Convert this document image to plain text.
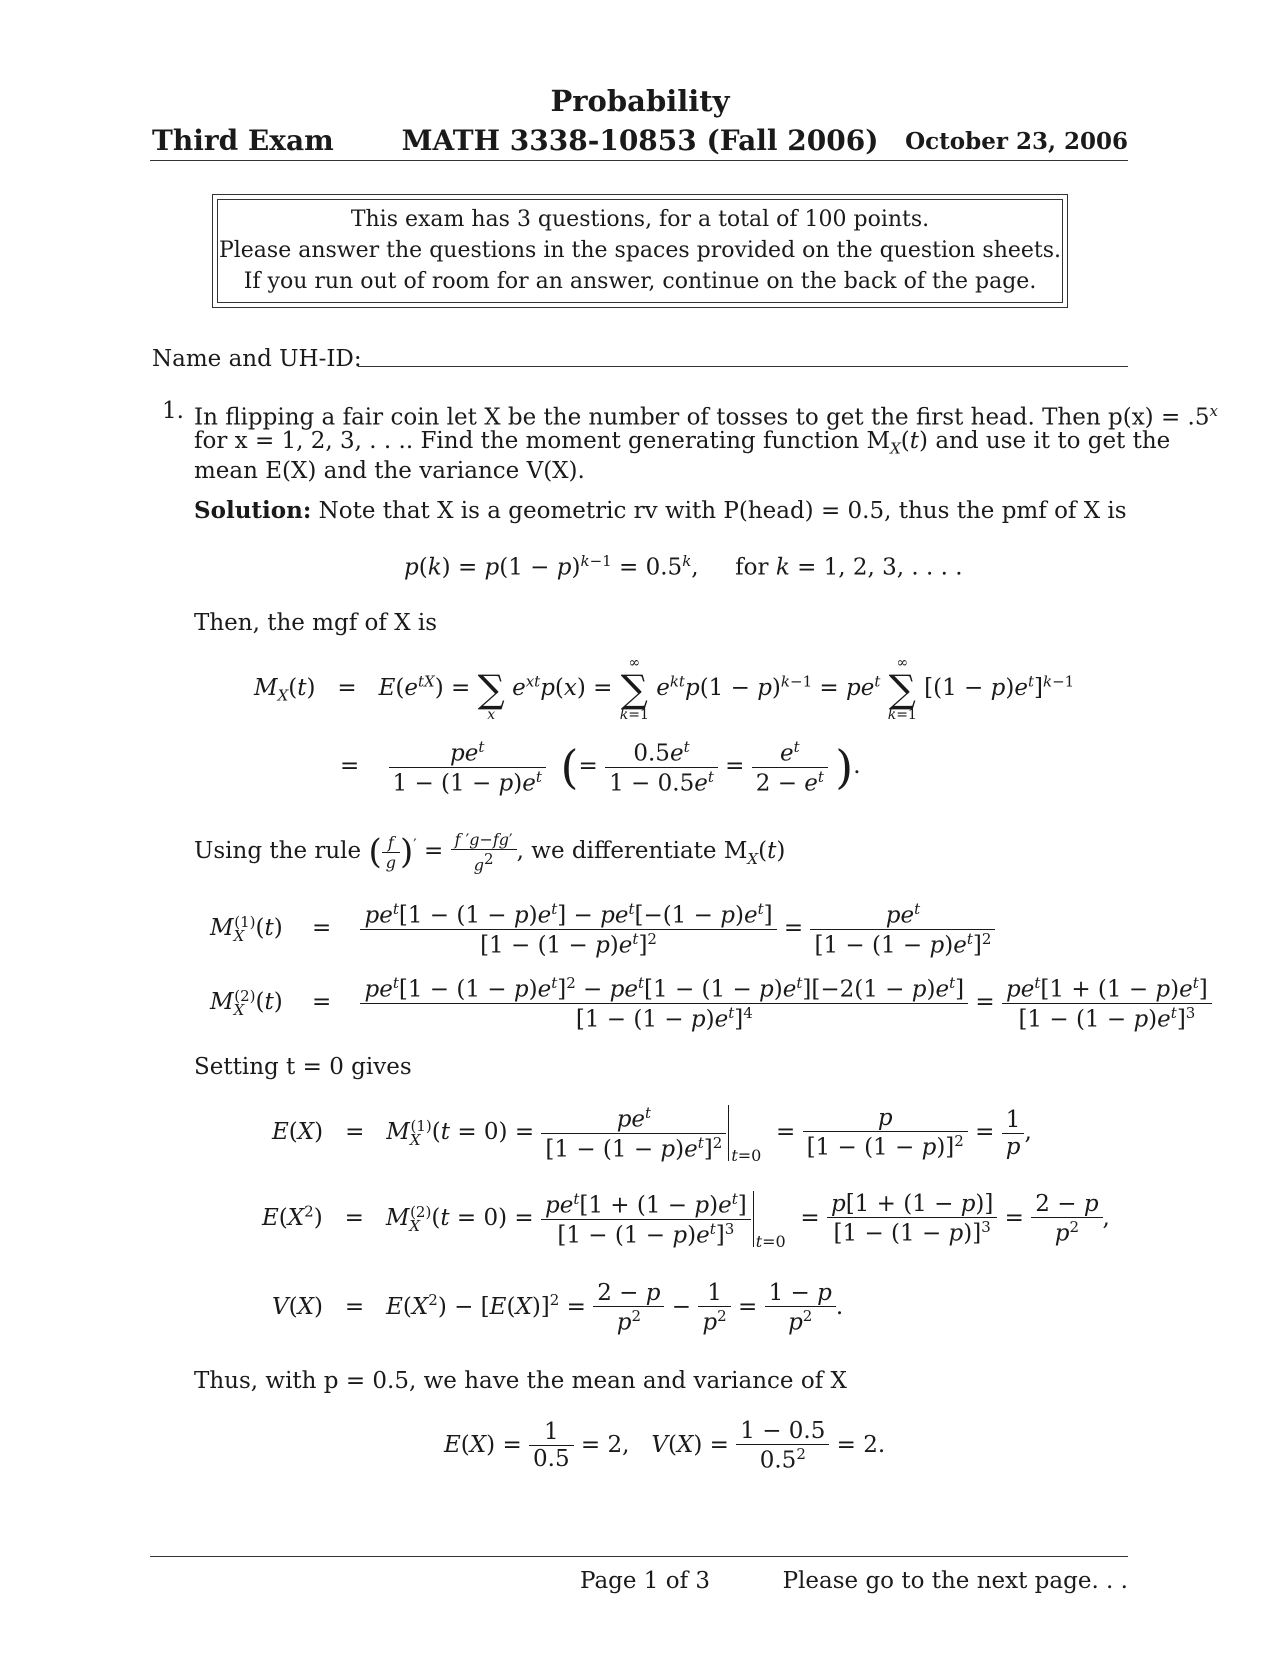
Probability
Third Exam	MATH 3338-10853 (Fall 2006)	October 23, 2006
This exam has 3 questions, for a total of 100 points.
Please answer the questions in the spaces provided on the question sheets.
If you run out of room for an answer, continue on the back of the page.
Name and UH-ID:
1. In flipping a fair coin let X be the number of tosses to get the first head. Then $p(x) = .5^x$
for x = 1, 2, 3, . . .. Find the moment generating function $M_X(t)$ and use it to get the
mean E(X) and the variance V(X).
Solution: Note that X is a geometric rv with P(head) = 0.5, thus the pmf of X is
$p(k) = p(1 - p)^{k-1} = 0.5^k$,     for k = 1, 2, 3, . . . .
Then, the mgf of X is
$M_X(t) = E(e^{tX})$ =

∑
x
$e^{xt}p(x)$ =
∞
∑
k=1
$e^{kt}p(1 - p)^{k-1} = pe^t$
∞
∑
k=1
$[(1 - p)e^t]^{k-1}$
= $\frac{pe^t}{1 - (1 - p)e^t}$ (= $\frac{0.5e^t}{1 - 0.5e^t} = \frac{e^t}{2 - e^t}$ ).
Using the rule ( $\frac{f}{g} )' = \frac{f 'g-fg'}{g2}$ , we differentiate $M_X(t)$
$M_X^{(1)}(t)$    = $\frac{pe^t[1 - (1 - p)e^t] - pe^t[-(1 - p)e^t]}{[1 - (1 - p)e^t]^2} = \frac{pe^t}{[1 - (1 - p)e^t]^2}$
$M_X^{(2)}(t)$    = $\frac{pe^t[1 - (1 - p)e^t]^2 - pe^t[1 - (1 - p)e^t][-2(1 - p)e^t]}{[1 - (1 - p)e^t]^4} = \frac{pe^t[1 + (1 - p)e^t]}{[1 - (1 - p)e^t]^3}$
Setting t = 0 gives
$E(X) = M_X^{(1)}(t = 0) = \frac{pe^t}{[1 - (1 - p)e^t]^2} _{t=0} = \frac{p}{[1 - (1 - p)]^2} = \frac{1}{p}$ ,
$E(X^2) = M_X^{(2)}(t = 0) = \frac{pe^t[1 + (1 - p)e^t]}{[1 - (1 - p)e^t]^3} _{t=0} = \frac{p[1 + (1 - p)]}{[1 - (1 - p)]^3} = \frac{2 - p}{p^2}$ ,
$V(X) = E(X^2) - [E(X)]^2 = \frac{2 - p}{p^2} - \frac{1}{p^2} = \frac{1 - p}{p^2}$ .
Thus, with p = 0.5, we have the mean and variance of X
$E(X) = \frac{1}{0.5} = 2$,   $V(X) = \frac{1 - 0.5}{0.5^2} = 2$.
Page 1 of 3	Please go to the next page. . .
